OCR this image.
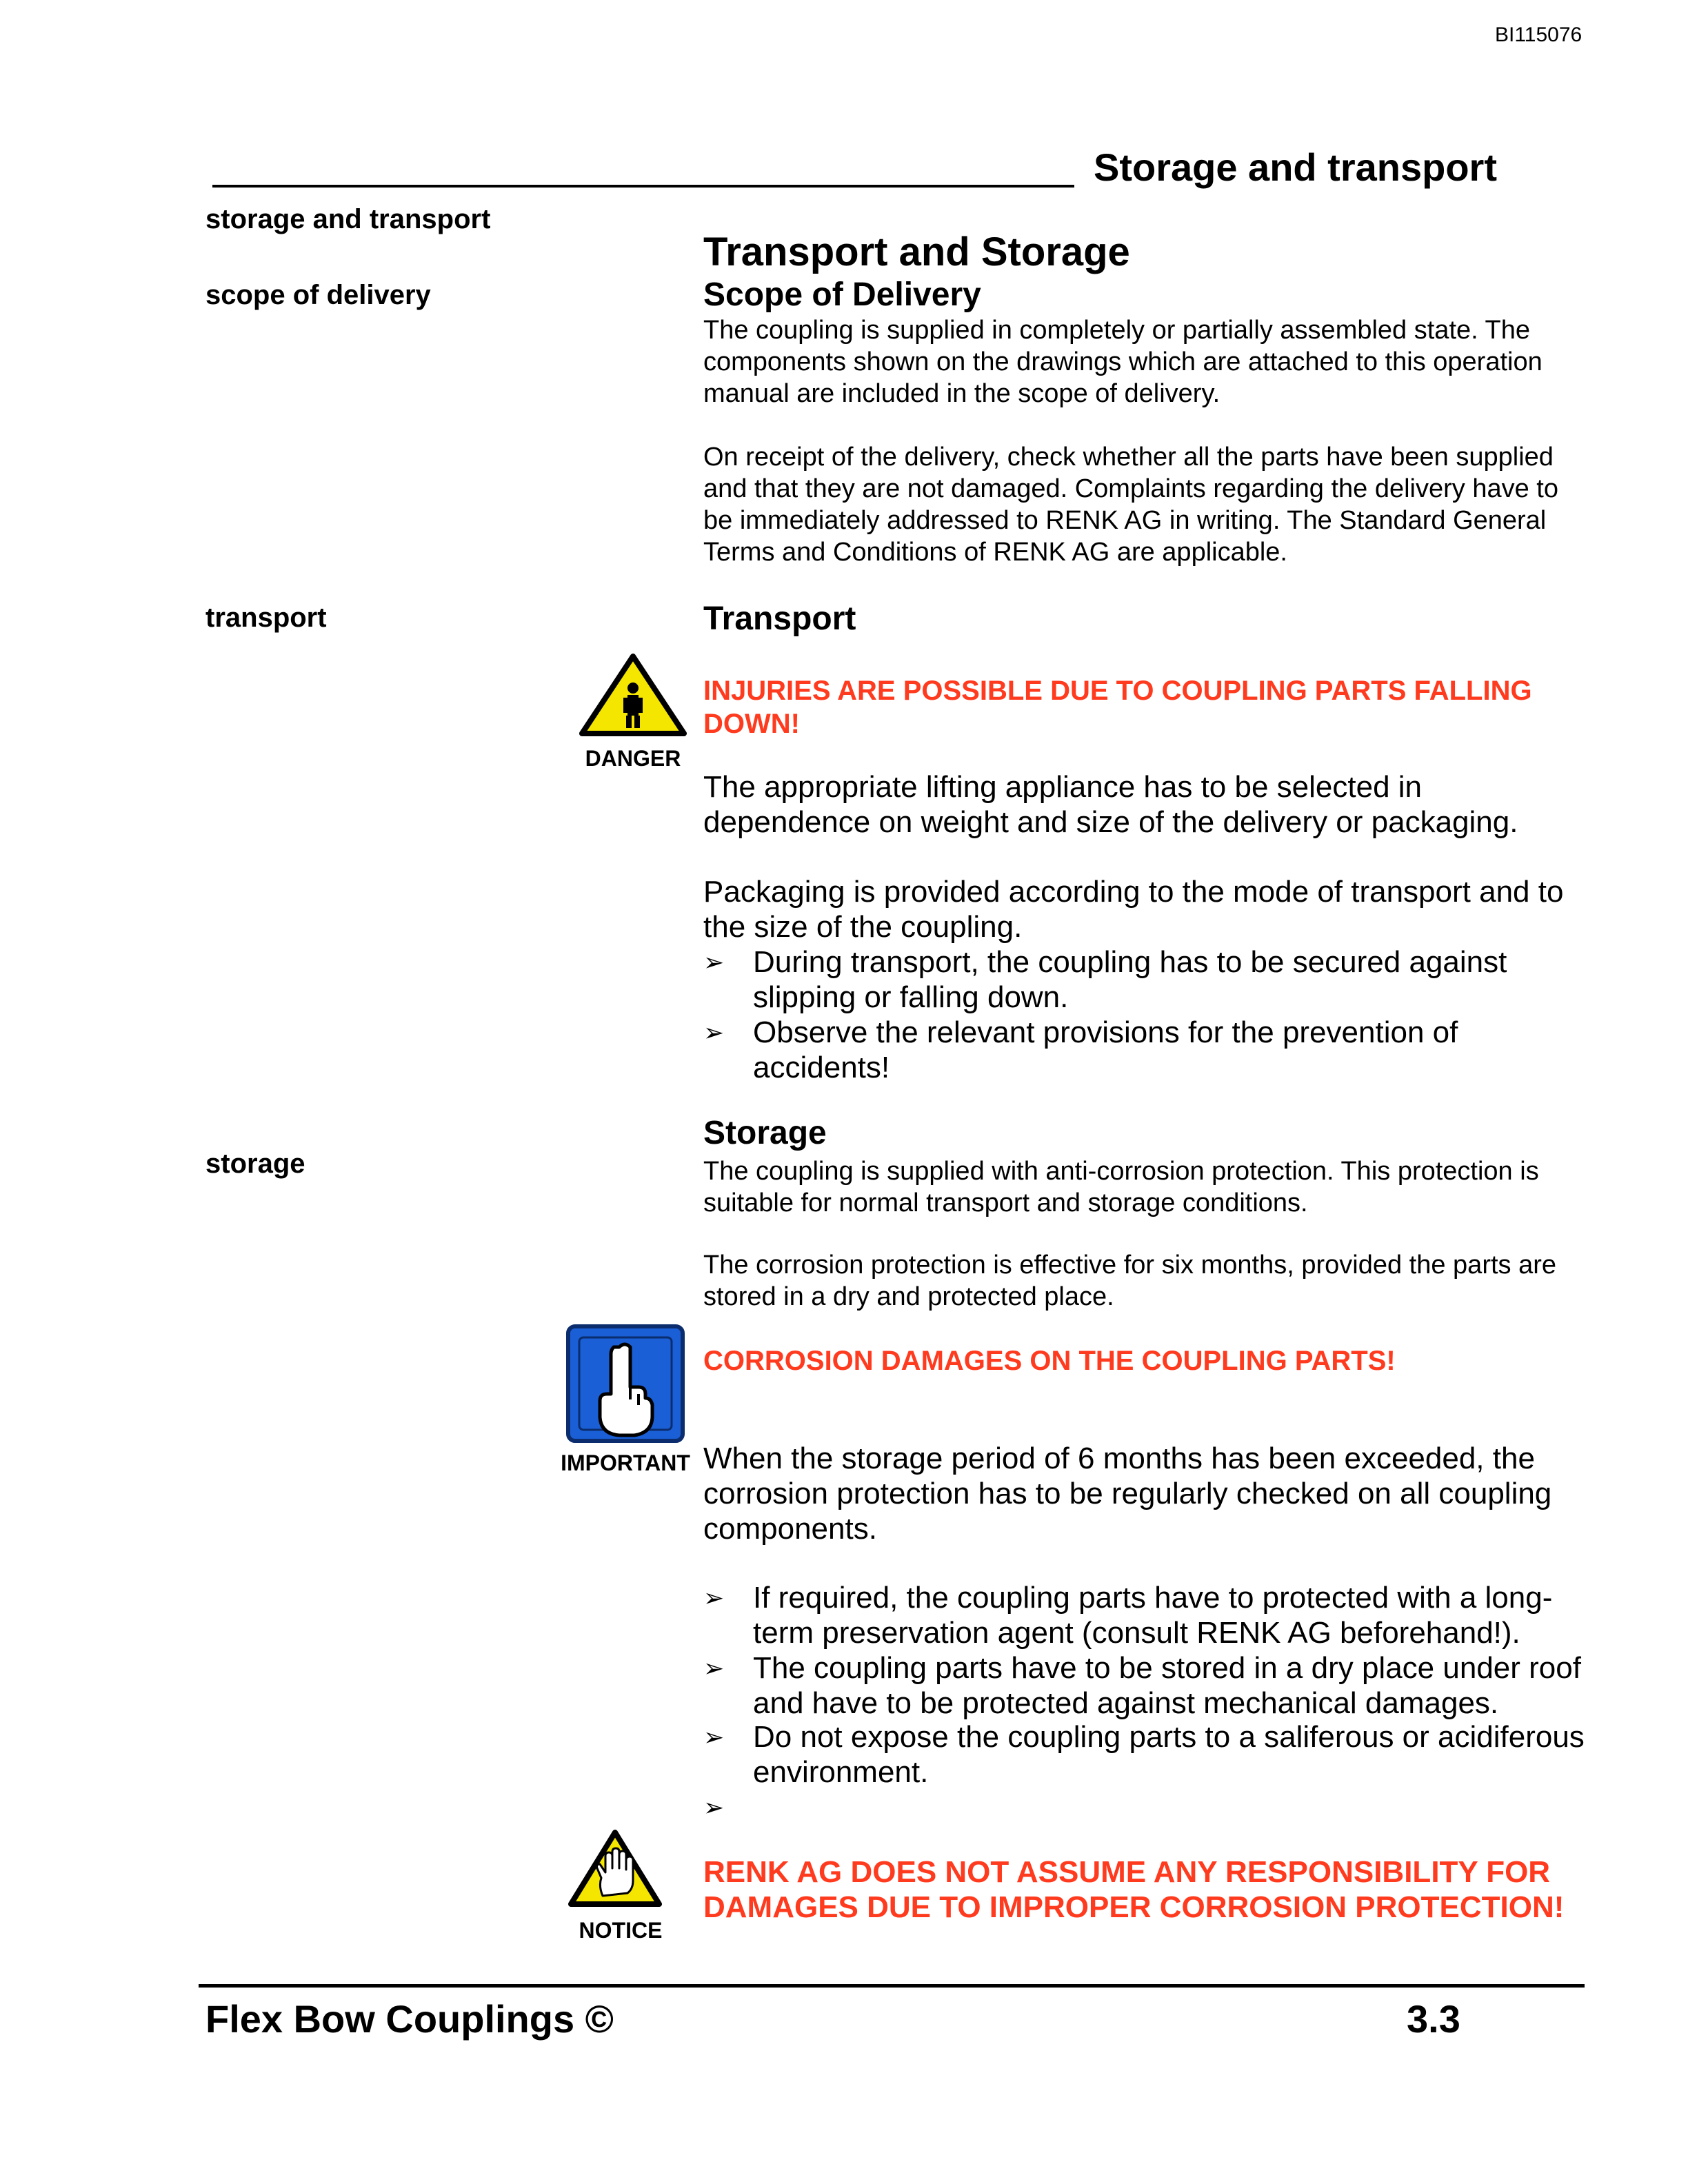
BI115076
Storage and transport
storage and transport
scope of delivery
transport
storage
Transport and Storage
Scope of Delivery
The coupling is supplied in completely or partially assembled state. The components shown on the drawings which are attached to this operation manual are included in the scope of delivery.
On receipt of the delivery, check whether all the parts have been supplied and that they are not damaged. Complaints regarding the delivery have to be immediately addressed to RENK AG in writing. The Standard General Terms and Conditions of RENK AG are applicable.
Transport
DANGER
INJURIES ARE POSSIBLE DUE TO COUPLING PARTS FALLING DOWN!
The appropriate lifting appliance has to be selected in dependence on weight and size of the delivery or packaging.
Packaging is provided according to the mode of transport and to the size of the coupling.
➢ During transport, the coupling has to be secured against slipping or falling down.
➢ Observe the relevant provisions for the prevention of accidents!
Storage
The coupling is supplied with anti-corrosion protection. This protection is suitable for normal transport and storage conditions.
The corrosion protection is effective for six months, provided the parts are stored in a dry and protected place.
IMPORTANT
CORROSION DAMAGES ON THE COUPLING PARTS!
When the storage period of 6 months has been exceeded, the corrosion protection has to be regularly checked on all coupling components.
➢ If required, the coupling parts have to protected with a long-term preservation agent (consult RENK AG beforehand!).
➢ The coupling parts have to be stored in a dry place under roof and have to be protected against mechanical damages.
➢ Do not expose the coupling parts to a saliferous or acidiferous environment.
➢
NOTICE
RENK AG DOES NOT ASSUME ANY RESPONSIBILITY FOR DAMAGES DUE TO IMPROPER CORROSION PROTECTION!
Flex Bow Couplings ©	3.3
